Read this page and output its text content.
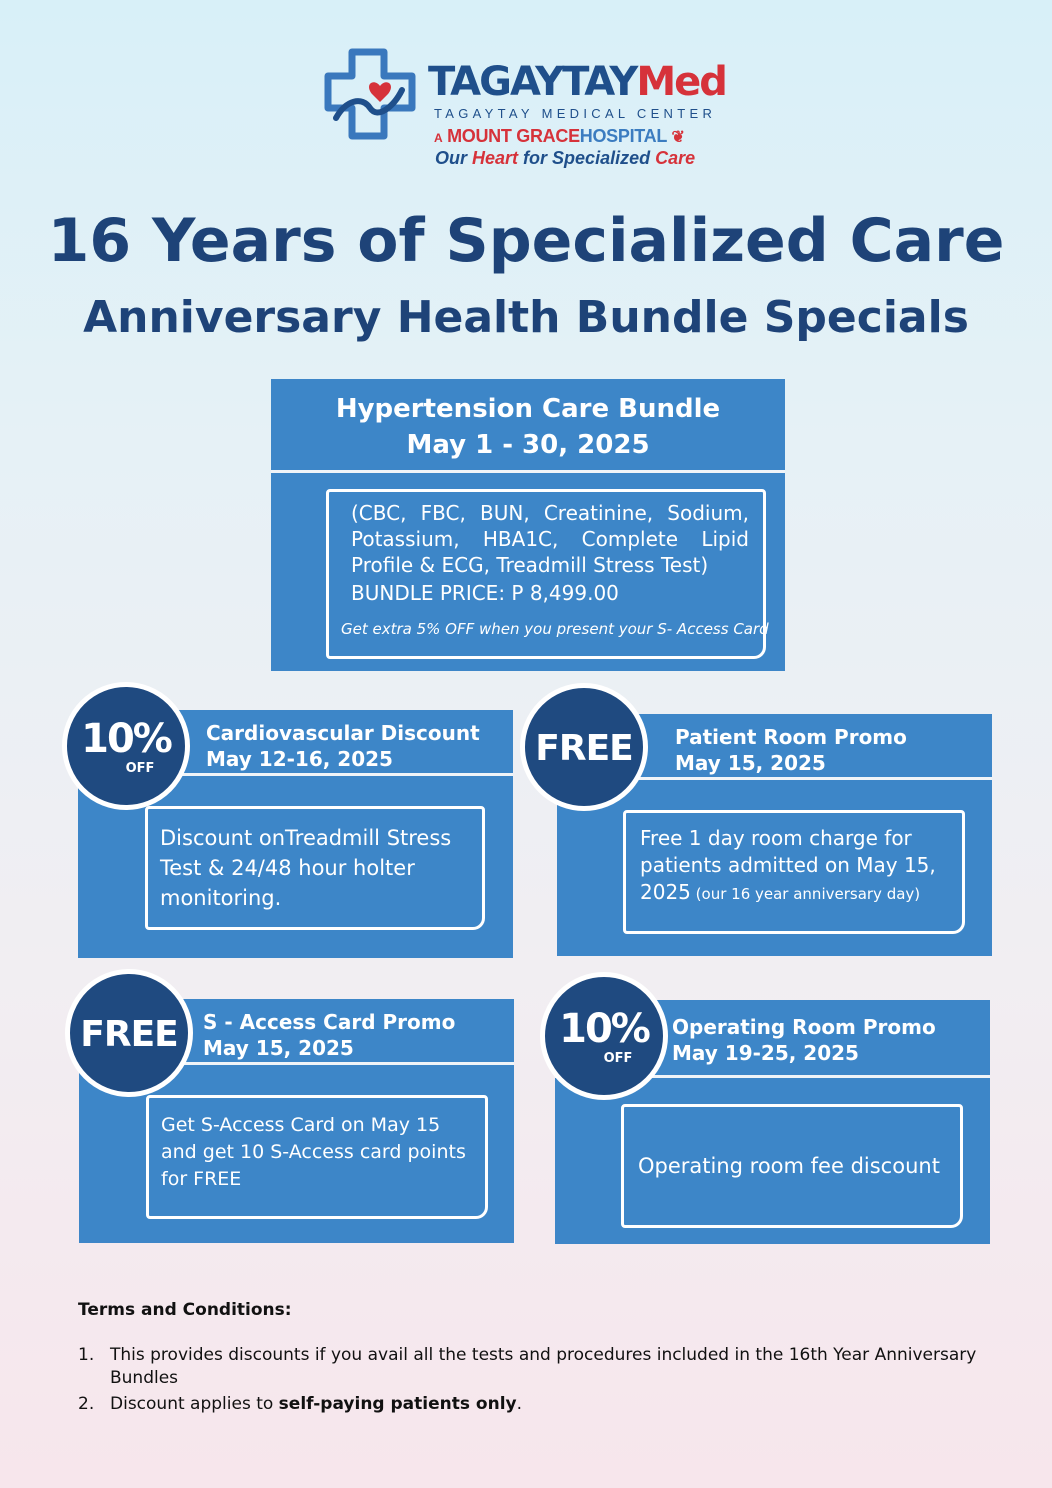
TAGAYTAYMed
TAGAYTAY MEDICAL CENTER
A MOUNT GRACEHOSPITAL ❦
Our Heart for Specialized Care
16 Years of Specialized Care
Anniversary Health Bundle Specials
Hypertension Care Bundle
May 1 - 30, 2025
(CBC, FBC, BUN, Creatinine, Sodium,
Potassium, HBA1C, Complete Lipid
Profile & ECG, Treadmill Stress Test)
BUNDLE PRICE: P 8,499.00
Get extra 5% OFF when you present your S- Access Card
Cardiovascular Discount
May 12-16, 2025
Discount onTreadmill Stress Test & 24/48 hour holter monitoring.
10%
OFF
Patient Room Promo
May 15, 2025
Free 1 day room charge for patients admitted on May 15, 2025 (our 16 year anniversary day)
FREE
S - Access Card Promo
May 15, 2025
Get S-Access Card on May 15 and get 10 S-Access card points for FREE
FREE	Operating Room Promo
May 19-25, 2025
Operating room fee discount
10%
OFF
Terms and Conditions:
1. This provides discounts if you avail all the tests and procedures included in the 16th Year Anniversary Bundles
2. Discount applies to self-paying patients only.
